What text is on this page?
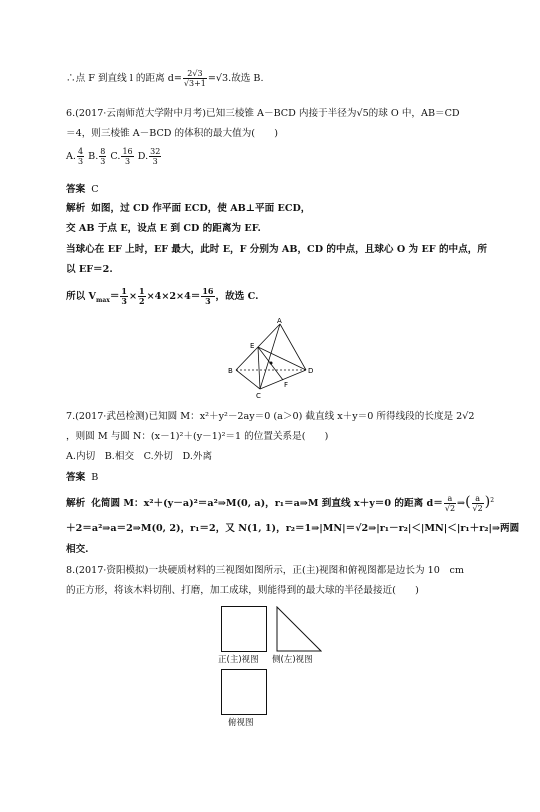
∴点 F 到直线 l 的距离 $d= \frac{2√3}{√3+1} =√3$.故选 B.
6.(2017·云南师范大学附中月考)已知三棱锥 A－BCD 内接于半径为√5的球 O 中，AB＝CD
＝4，则三棱锥 A－BCD 的体积的最大值为(　　)
A. $\frac{4}{3} B$. $\frac{8}{3} C$. $\frac{16}{3} D$. $\frac{32}{3}$
答案 C
解析 如图，过 CD 作平面 ECD，使 AB⊥平面 ECD，
交 AB 于点 E，设点 E 到 CD 的距离为 EF.
当球心在 EF 上时，EF 最大，此时 E，F 分别为 AB，CD 的中点，且球心 O 为 EF 的中点，所
以 EF＝2.
所以 $V_{max}= \frac{1}{3} \times \frac{1}{2} \times 4\times 2\times 4= \frac{16}{3}$ ，故选 C.
A
B
C
D
E
F
7.(2017·武邑检测)已知圆 M：x²＋y²－2ay＝0 (a＞0) 截直线 x＋y＝0 所得线段的长度是 2√2
，则圆 M 与圆 N：(x－1)²＋(y－1)²＝1 的位置关系是(　　)
A.内切　B.相交　C.外切　D.外离
答案 B
解析 化简圆 M：x²＋(y－a)²＝a²⇒M(0, a)，r₁＝a⇒M 到直线 x＋y＝0 的距离 $d= \frac{a}{√2}$ ⇒( $\frac{a}{√2} )^2$
＋2＝a²⇒a＝2⇒M(0, 2)，r₁＝2，又 N(1, 1)，r₂＝1⇒|MN|＝√2⇒|r₁－r₂|＜|MN|＜|r₁＋r₂|⇒两圆
相交.
8.(2017·资阳模拟)一块硬质材料的三视图如图所示，正(主)视图和俯视图都是边长为 10　cm
的正方形，将该木料切削、打磨，加工成球，则能得到的最大球的半径最接近(　　)
正(主)视图 侧(左)视图
俯视图
